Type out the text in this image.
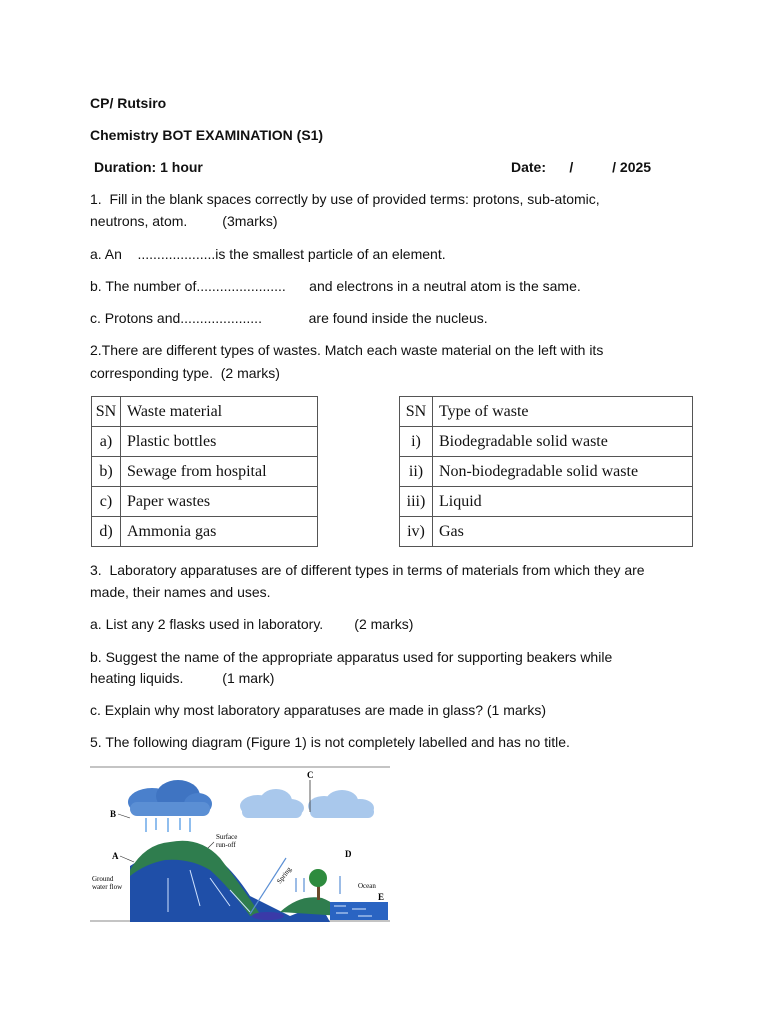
CP/ Rutsiro
Chemistry BOT EXAMINATION (S1)
Duration: 1 hour	Date:      /          / 2025
1.  Fill in the blank spaces correctly by use of provided terms: protons, sub-atomic,
neutrons, atom.         (3marks)
a. An    ....................is the smallest particle of an element.
b. The number of.......................      and electrons in a neutral atom is the same.
c. Protons and.....................            are found inside the nucleus.
2.There are different types of wastes. Match each waste material on the left with its
corresponding type.  (2 marks)
SN	Waste material
a)	Plastic bottles
b)	Sewage from hospital
c)	Paper wastes
d)	Ammonia gas
SN	Type of waste
i)	Biodegradable solid waste
ii)	Non-biodegradable solid waste
iii)	Liquid
iv)	Gas
3.  Laboratory apparatuses are of different types in terms of materials from which they are
made, their names and uses.
a. List any 2 flasks used in laboratory.        (2 marks)
b. Suggest the name of the appropriate apparatus used for supporting beakers while
heating liquids.          (1 mark)
c. Explain why most laboratory apparatuses are made in glass? (1 marks)
5. The following diagram (Figure 1) is not completely labelled and has no title.
C
B
A	D
E
Surface
run-off
Ground
water flow
Spring
Ocean
